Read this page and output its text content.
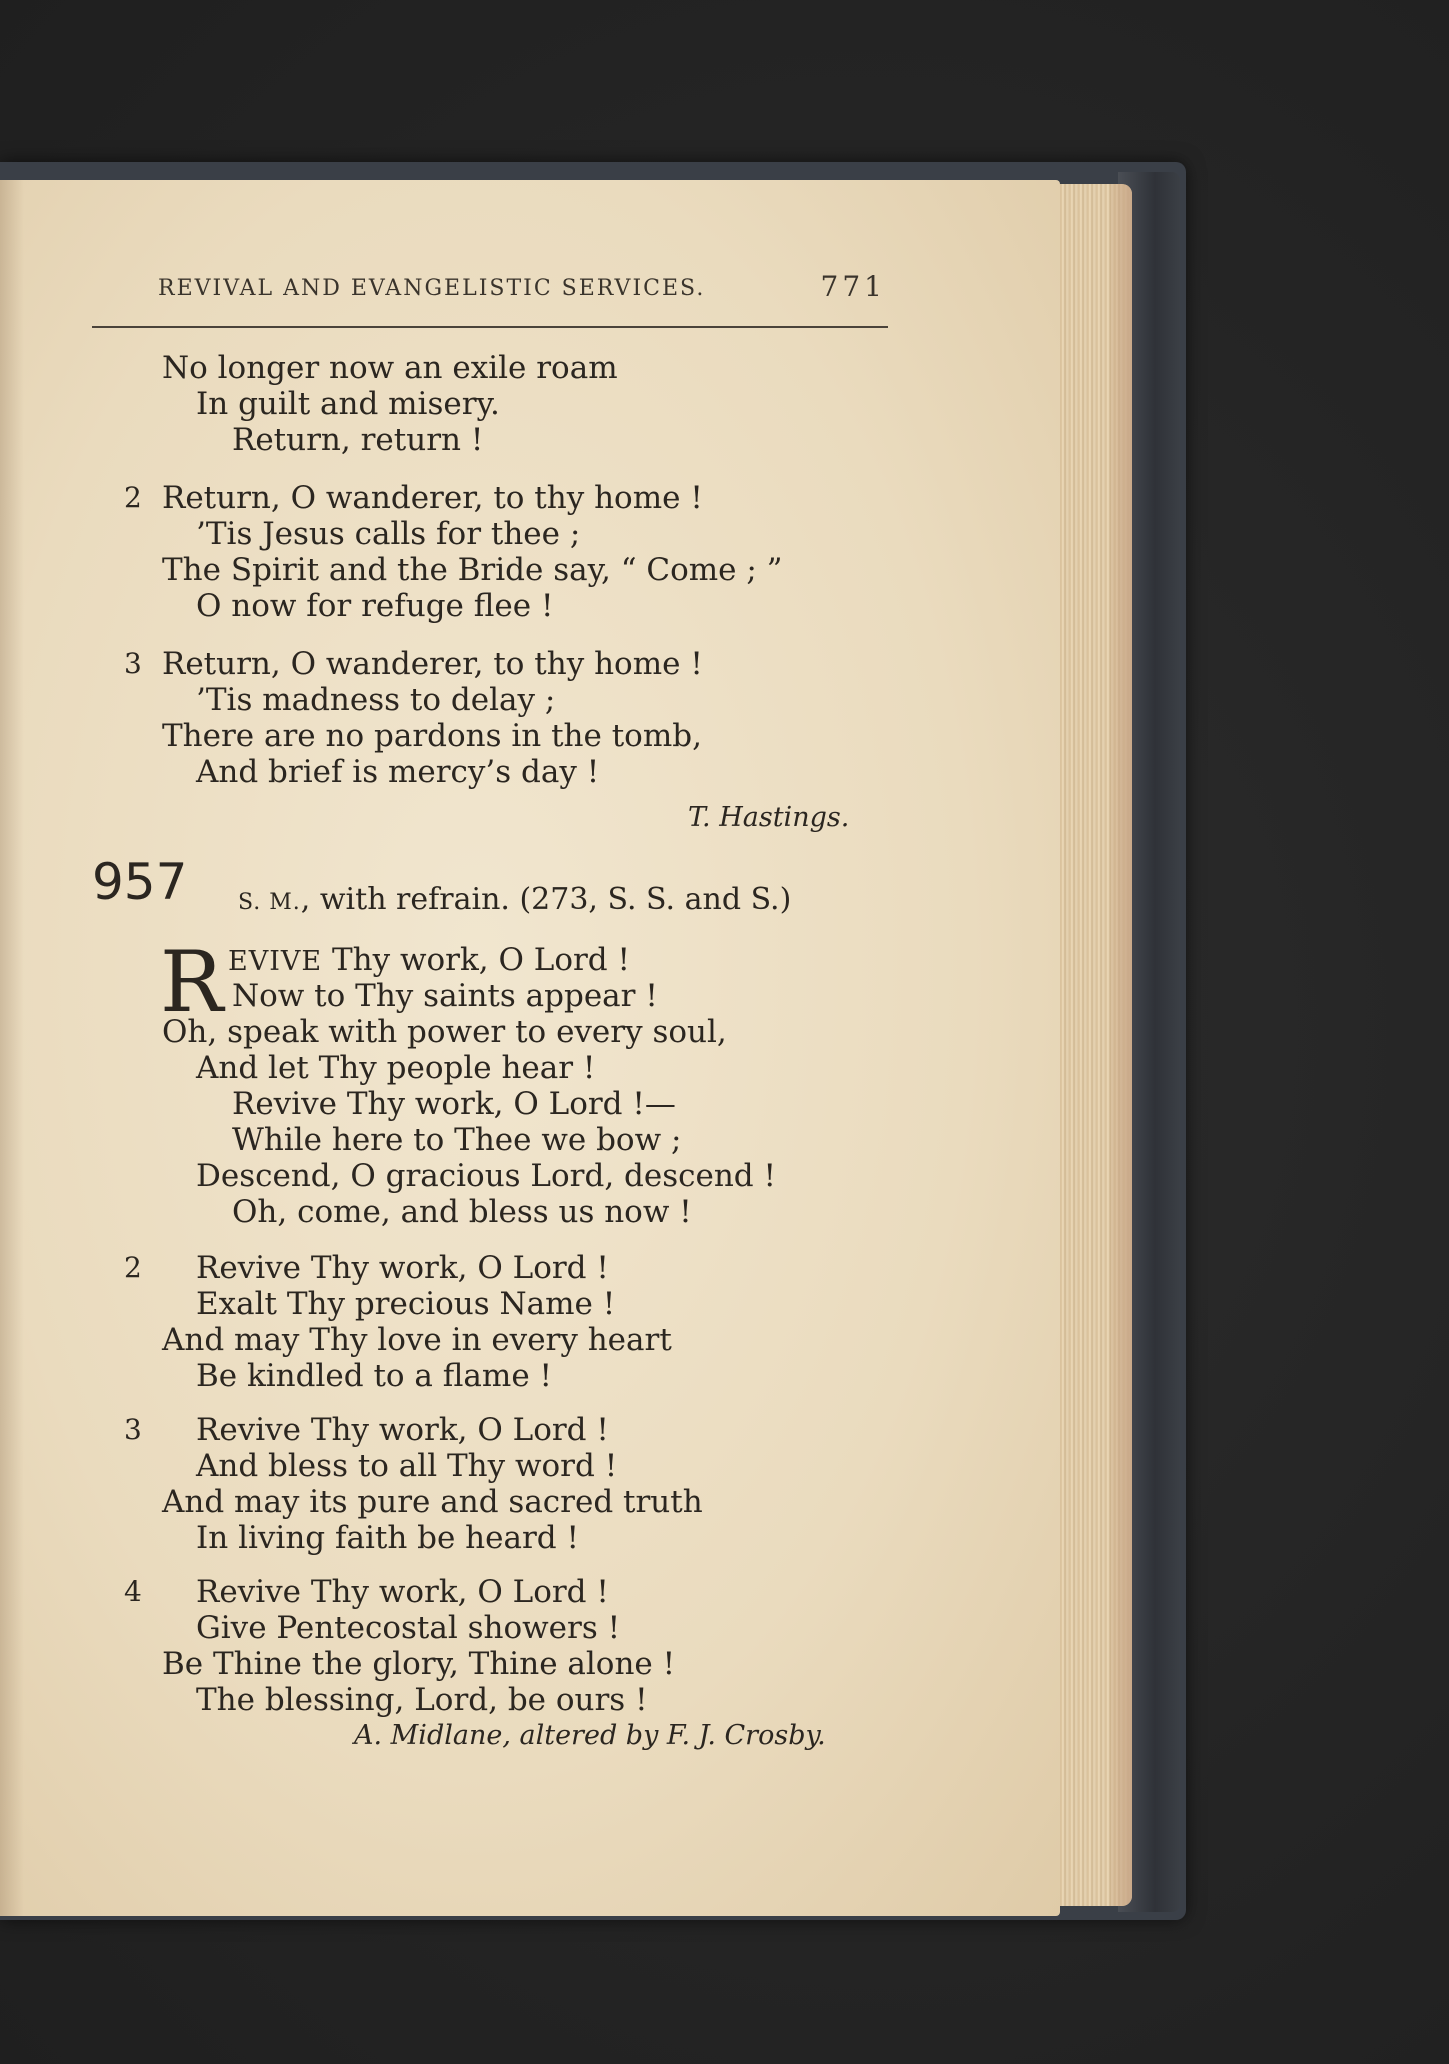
REVIVAL AND EVANGELISTIC SERVICES.	771
No longer now an exile roam
In guilt and misery.
Return, return !
2 Return, O wanderer, to thy home !
’Tis Jesus calls for thee ;
The Spirit and the Bride say, “ Come ; ”
O now for refuge flee !
3 Return, O wanderer, to thy home !
’Tis madness to delay ;
There are no pardons in the tomb,
And brief is mercy’s day !
T. Hastings.
957 S. M., with refrain. (273, S. S. and S.)
R EVIVE Thy work, O Lord !
Now to Thy saints appear !
Oh, speak with power to every soul,
And let Thy people hear !
Revive Thy work, O Lord !—
While here to Thee we bow ;
Descend, O gracious Lord, descend !
Oh, come, and bless us now !
2 Revive Thy work, O Lord !
Exalt Thy precious Name !
And may Thy love in every heart
Be kindled to a flame !
3 Revive Thy work, O Lord !
And bless to all Thy word !
And may its pure and sacred truth
In living faith be heard !
4 Revive Thy work, O Lord !
Give Pentecostal showers !
Be Thine the glory, Thine alone !
The blessing, Lord, be ours !
A. Midlane, altered by F. J. Crosby.
